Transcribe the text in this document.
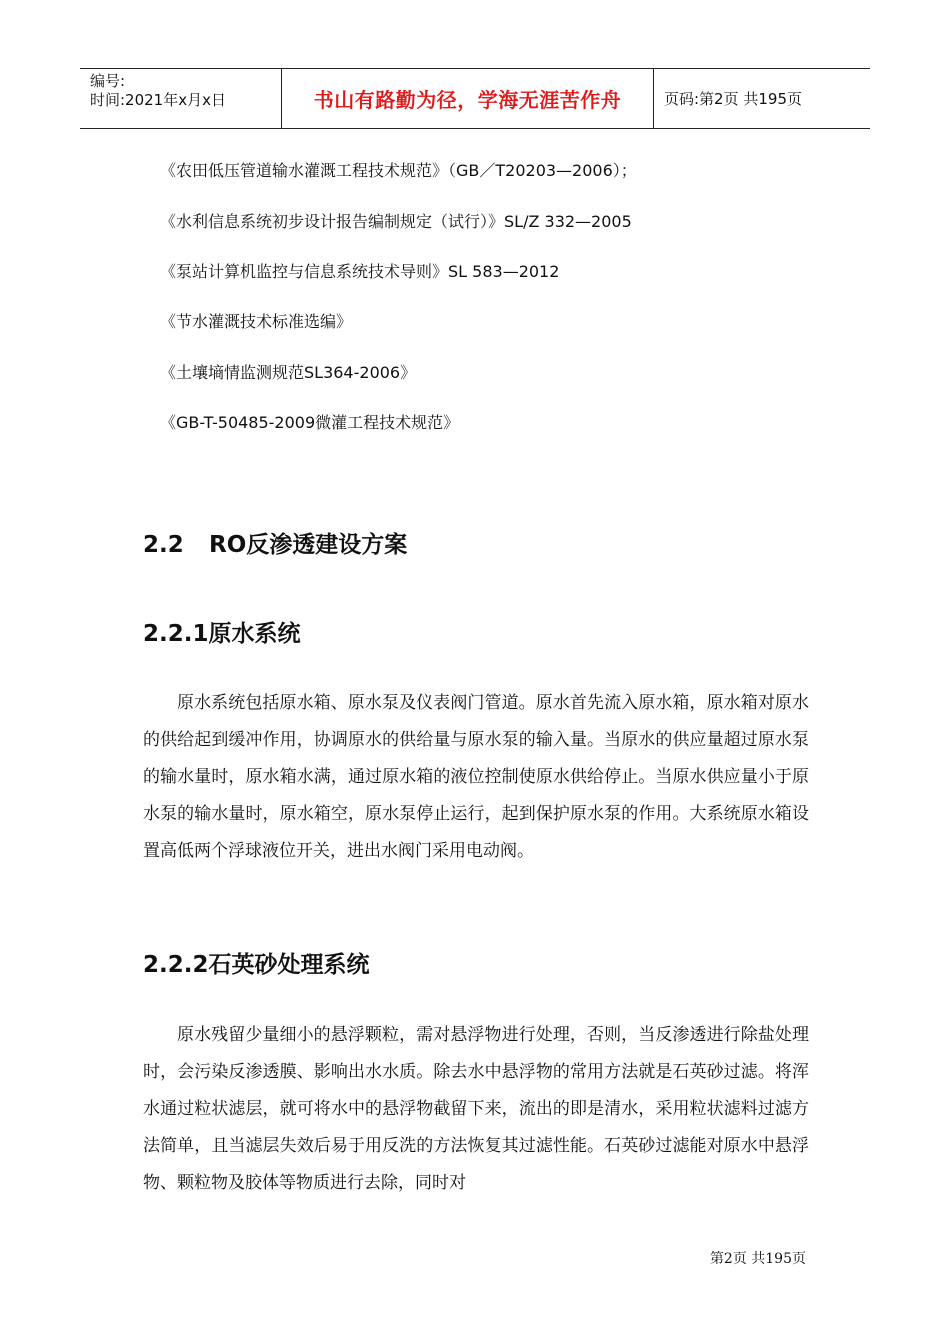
编号:
时间:2021年x月x日	书山有路勤为径，学海无涯苦作舟	页码:第2页 共195页
《农田低压管道输水灌溉工程技术规范》（GB／T20203—2006）；
《水利信息系统初步设计报告编制规定（试行）》SL/Z 332—2005
《泵站计算机监控与信息系统技术导则》SL 583—2012
《节水灌溉技术标准选编》
《土壤墒情监测规范SL364-2006》
《GB-T-50485-2009微灌工程技术规范》
2.2 RO反渗透建设方案
2.2.1原水系统

原水系统包括原水箱、原水泵及仪表阀门管道。原水首先流入原水箱，原水箱对原水的供给起到缓冲作用，协调原水的供给量与原水泵的输入量。当原水的供应量超过原水泵的输水量时，原水箱水满，通过原水箱的液位控制使原水供给停止。当原水供应量小于原水泵的输水量时，原水箱空，原水泵停止运行，起到保护原水泵的作用。大系统原水箱设置高低两个浮球液位开关，进出水阀门采用电动阀。

2.2.2石英砂处理系统

原水残留少量细小的悬浮颗粒，需对悬浮物进行处理，否则，当反渗透进行除盐处理时，会污染反渗透膜、影响出水水质。除去水中悬浮物的常用方法就是石英砂过滤。将浑水通过粒状滤层，就可将水中的悬浮物截留下来，流出的即是清水，采用粒状滤料过滤方法简单，且当滤层失效后易于用反洗的方法恢复其过滤性能。石英砂过滤能对原水中悬浮物、颗粒物及胶体等物质进行去除，同时对

第2页 共195页
